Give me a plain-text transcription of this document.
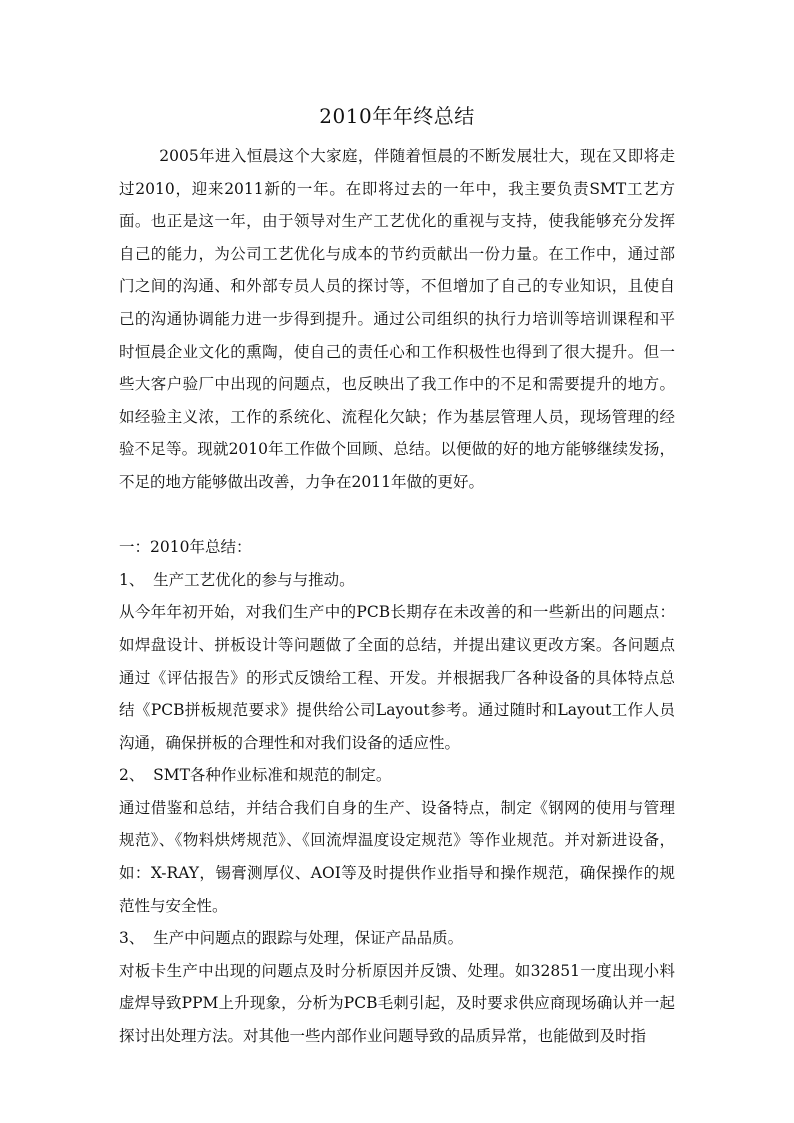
2010年年终总结

2005年进入恒晨这个大家庭，伴随着恒晨的不断发展壮大，现在又即将走过2010，迎来2011新的一年。在即将过去的一年中，我主要负责SMT工艺方面。也正是这一年，由于领导对生产工艺优化的重视与支持，使我能够充分发挥自己的能力，为公司工艺优化与成本的节约贡献出一份力量。在工作中，通过部门之间的沟通、和外部专员人员的探讨等，不但增加了自己的专业知识，且使自己的沟通协调能力进一步得到提升。通过公司组织的执行力培训等培训课程和平时恒晨企业文化的熏陶，使自己的责任心和工作积极性也得到了很大提升。但一些大客户验厂中出现的问题点，也反映出了我工作中的不足和需要提升的地方。如经验主义浓，工作的系统化、流程化欠缺；作为基层管理人员，现场管理的经验不足等。现就2010年工作做个回顾、总结。以便做的好的地方能够继续发扬，不足的地方能够做出改善，力争在2011年做的更好。

一：2010年总结：

1、 生产工艺优化的参与与推动。

从今年年初开始，对我们生产中的PCB长期存在未改善的和一些新出的问题点：如焊盘设计、拼板设计等问题做了全面的总结，并提出建议更改方案。各问题点通过《评估报告》的形式反馈给工程、开发。并根据我厂各种设备的具体特点总结《PCB拼板规范要求》提供给公司Layout参考。通过随时和Layout工作人员沟通，确保拼板的合理性和对我们设备的适应性。

2、 SMT各种作业标准和规范的制定。

通过借鉴和总结，并结合我们自身的生产、设备特点，制定《钢网的使用与管理规范》、《物料烘烤规范》、《回流焊温度设定规范》等作业规范。并对新进设备，如：X-RAY，锡膏测厚仪、AOI等及时提供作业指导和操作规范，确保操作的规范性与安全性。

3、 生产中问题点的跟踪与处理，保证产品品质。

对板卡生产中出现的问题点及时分析原因并反馈、处理。如32851一度出现小料虚焊导致PPM上升现象，分析为PCB毛刺引起，及时要求供应商现场确认并一起探讨出处理方法。对其他一些内部作业问题导致的品质异常，也能做到及时指
